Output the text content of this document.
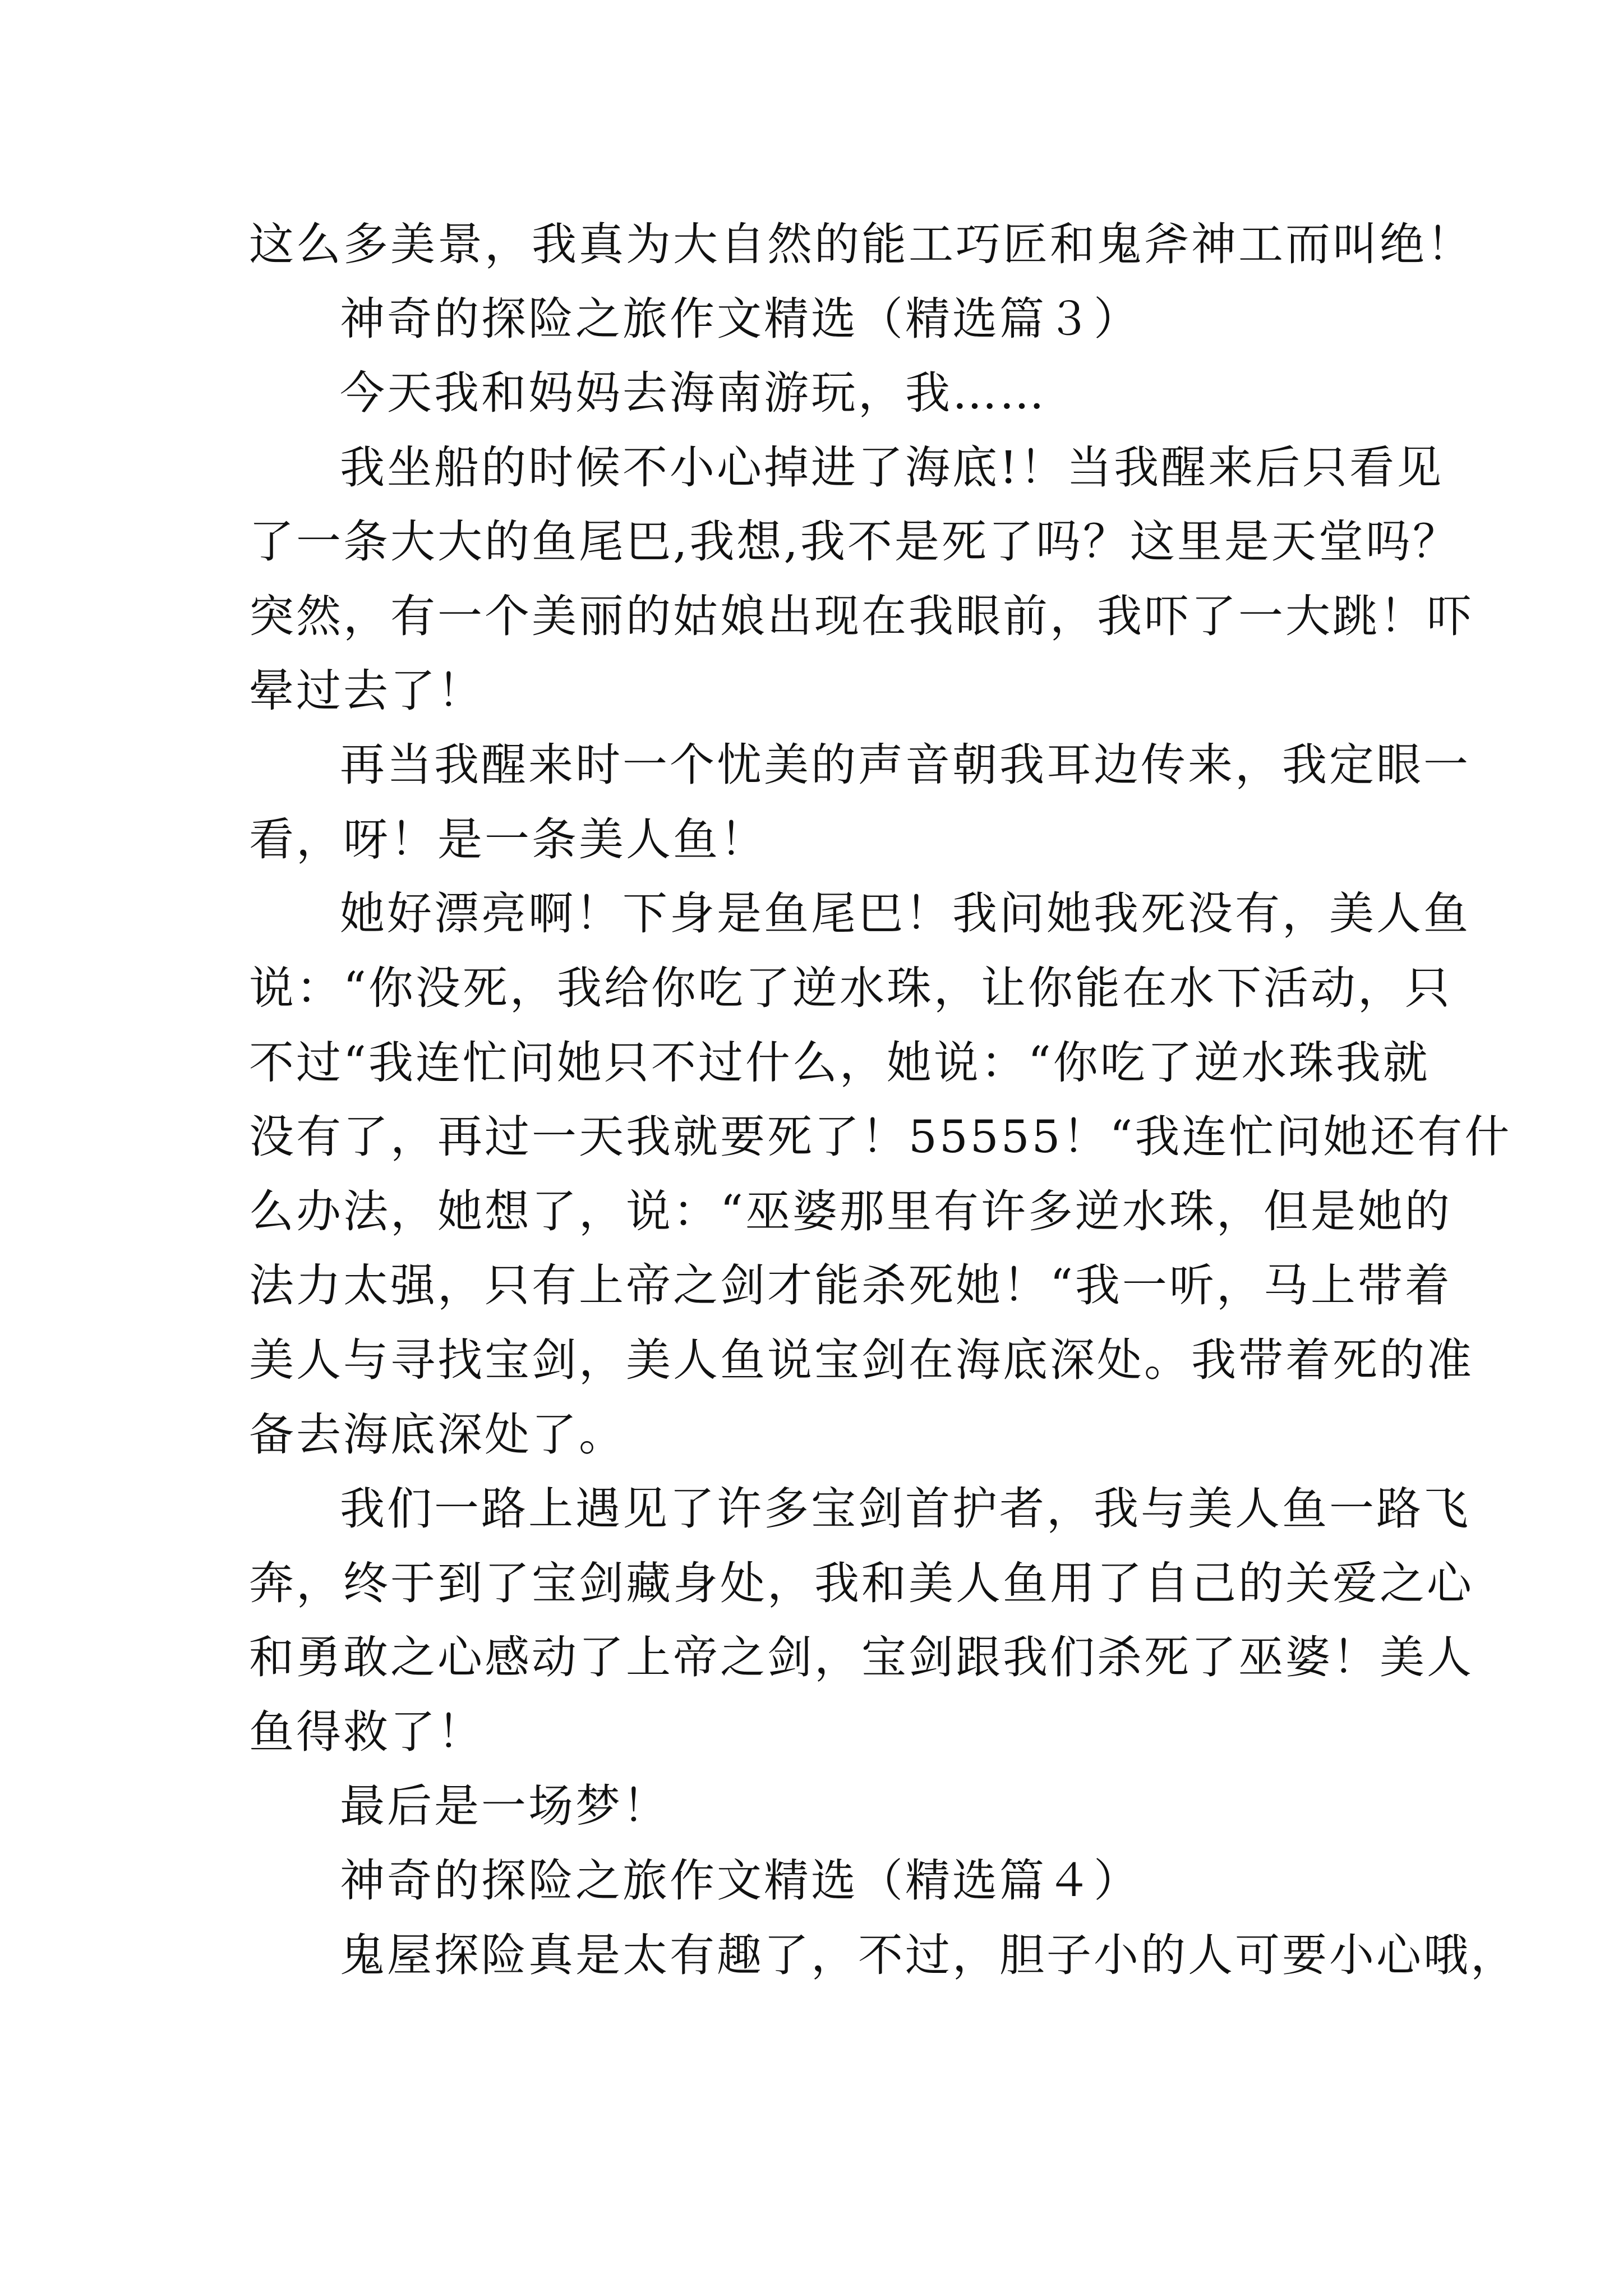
这么多美景，我真为大自然的能工巧匠和鬼斧神工而叫绝！
神奇的探险之旅作文精选（精选篇３）
今天我和妈妈去海南游玩，我……
我坐船的时候不小心掉进了海底!！当我醒来后只看见
了一条大大的鱼尾巴,我想,我不是死了吗？这里是天堂吗？
突然，有一个美丽的姑娘出现在我眼前，我吓了一大跳！吓
晕过去了！
再当我醒来时一个忧美的声音朝我耳边传来，我定眼一
看，呀！是一条美人鱼！
她好漂亮啊！下身是鱼尾巴！我问她我死没有，美人鱼
说：“你没死，我给你吃了逆水珠，让你能在水下活动，只
不过“我连忙问她只不过什么，她说：“你吃了逆水珠我就
没有了，再过一天我就要死了！55555！“我连忙问她还有什
么办法，她想了，说：“巫婆那里有许多逆水珠，但是她的
法力太强，只有上帝之剑才能杀死她！“我一听，马上带着
美人与寻找宝剑，美人鱼说宝剑在海底深处。我带着死的准
备去海底深处了。
我们一路上遇见了许多宝剑首护者，我与美人鱼一路飞
奔，终于到了宝剑藏身处，我和美人鱼用了自己的关爱之心
和勇敢之心感动了上帝之剑，宝剑跟我们杀死了巫婆！美人
鱼得救了！
最后是一场梦！
神奇的探险之旅作文精选（精选篇４）
鬼屋探险真是太有趣了，不过，胆子小的人可要小心哦，
